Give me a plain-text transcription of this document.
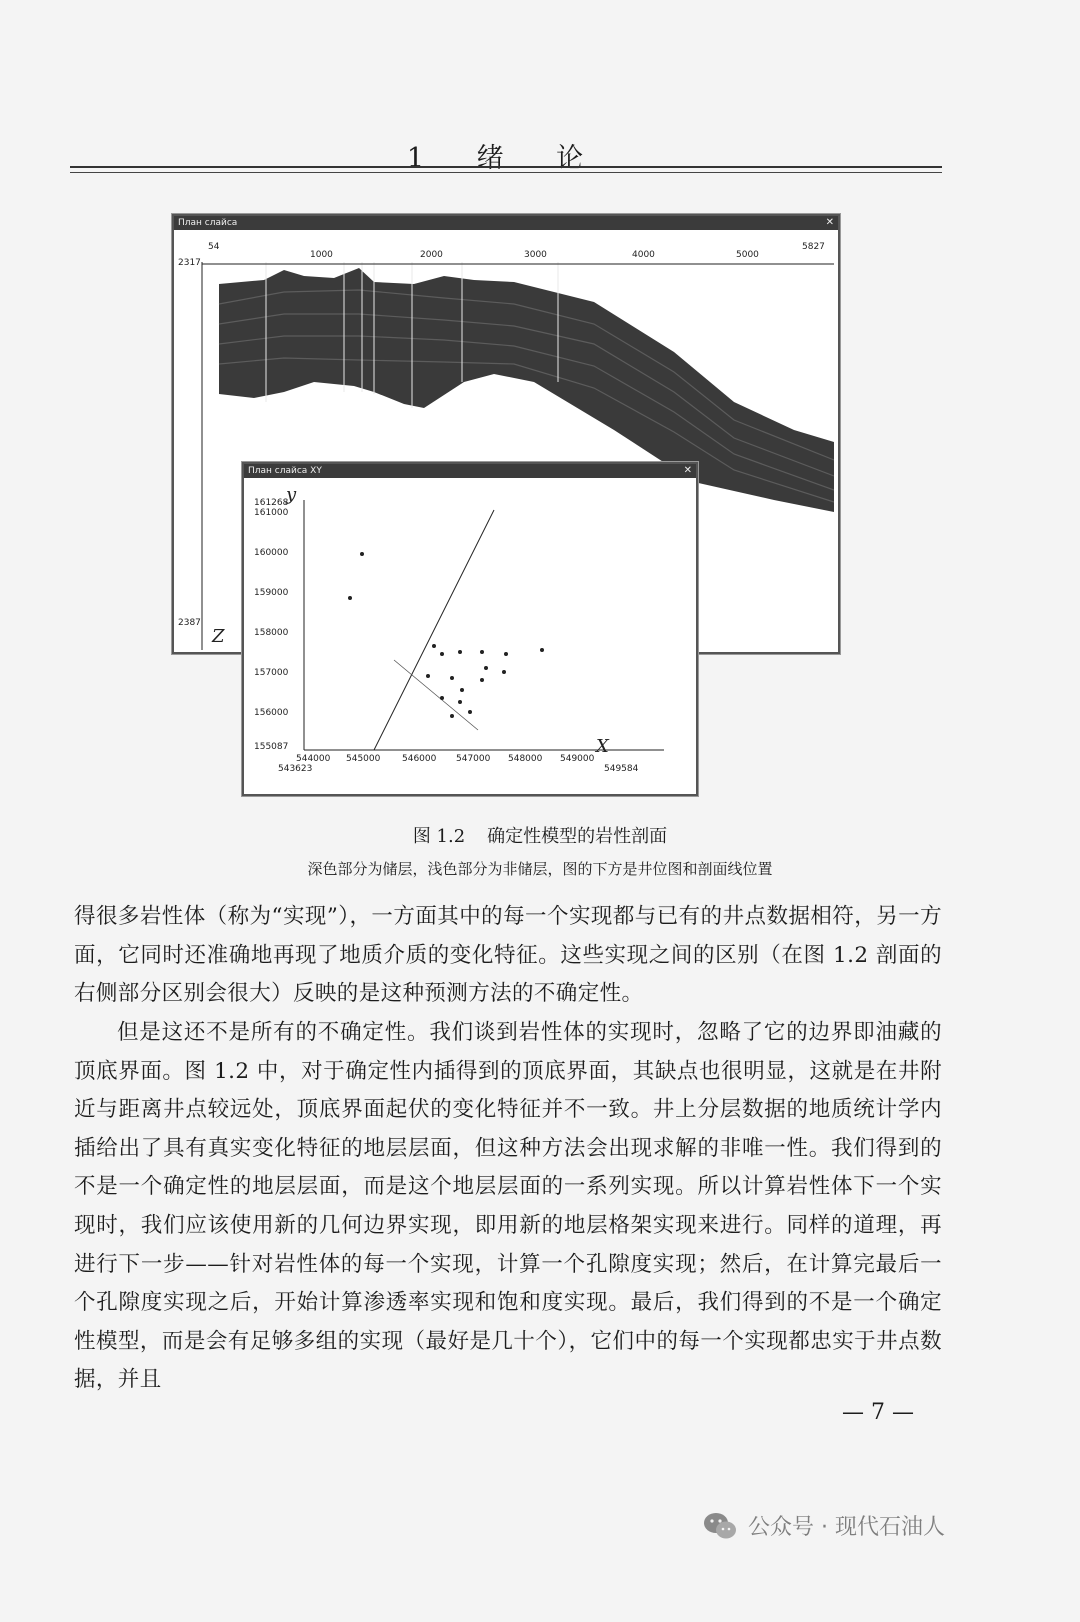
1 绪 论
План слайса	✕
54
1000	2000	3000	4000	5000
5827
2317
2387
Z
План слайса XY	✕
y
X
161268
161000
160000
159000
158000
157000
156000
155087
543623
544000 545000 546000 547000 548000 549000
549584
图 1.2 确定性模型的岩性剖面
深色部分为储层，浅色部分为非储层，图的下方是井位图和剖面线位置
得很多岩性体（称为“实现”），一方面其中的每一个实现都与已有的井点数据相符，另一方面，它同时还准确地再现了地质介质的变化特征。这些实现之间的区别（在图 1.2 剖面的右侧部分区别会很大）反映的是这种预测方法的不确定性。
但是这还不是所有的不确定性。我们谈到岩性体的实现时，忽略了它的边界即油藏的顶底界面。图 1.2 中，对于确定性内插得到的顶底界面，其缺点也很明显，这就是在井附近与距离井点较远处，顶底界面起伏的变化特征并不一致。井上分层数据的地质统计学内插给出了具有真实变化特征的地层层面，但这种方法会出现求解的非唯一性。我们得到的不是一个确定性的地层层面，而是这个地层层面的一系列实现。所以计算岩性体下一个实现时，我们应该使用新的几何边界实现，即用新的地层格架实现来进行。同样的道理，再进行下一步——针对岩性体的每一个实现，计算一个孔隙度实现；然后，在计算完最后一个孔隙度实现之后，开始计算渗透率实现和饱和度实现。最后，我们得到的不是一个确定性模型，而是会有足够多组的实现（最好是几十个），它们中的每一个实现都忠实于井点数据，并且
— 7 —
公众号 · 现代石油人
